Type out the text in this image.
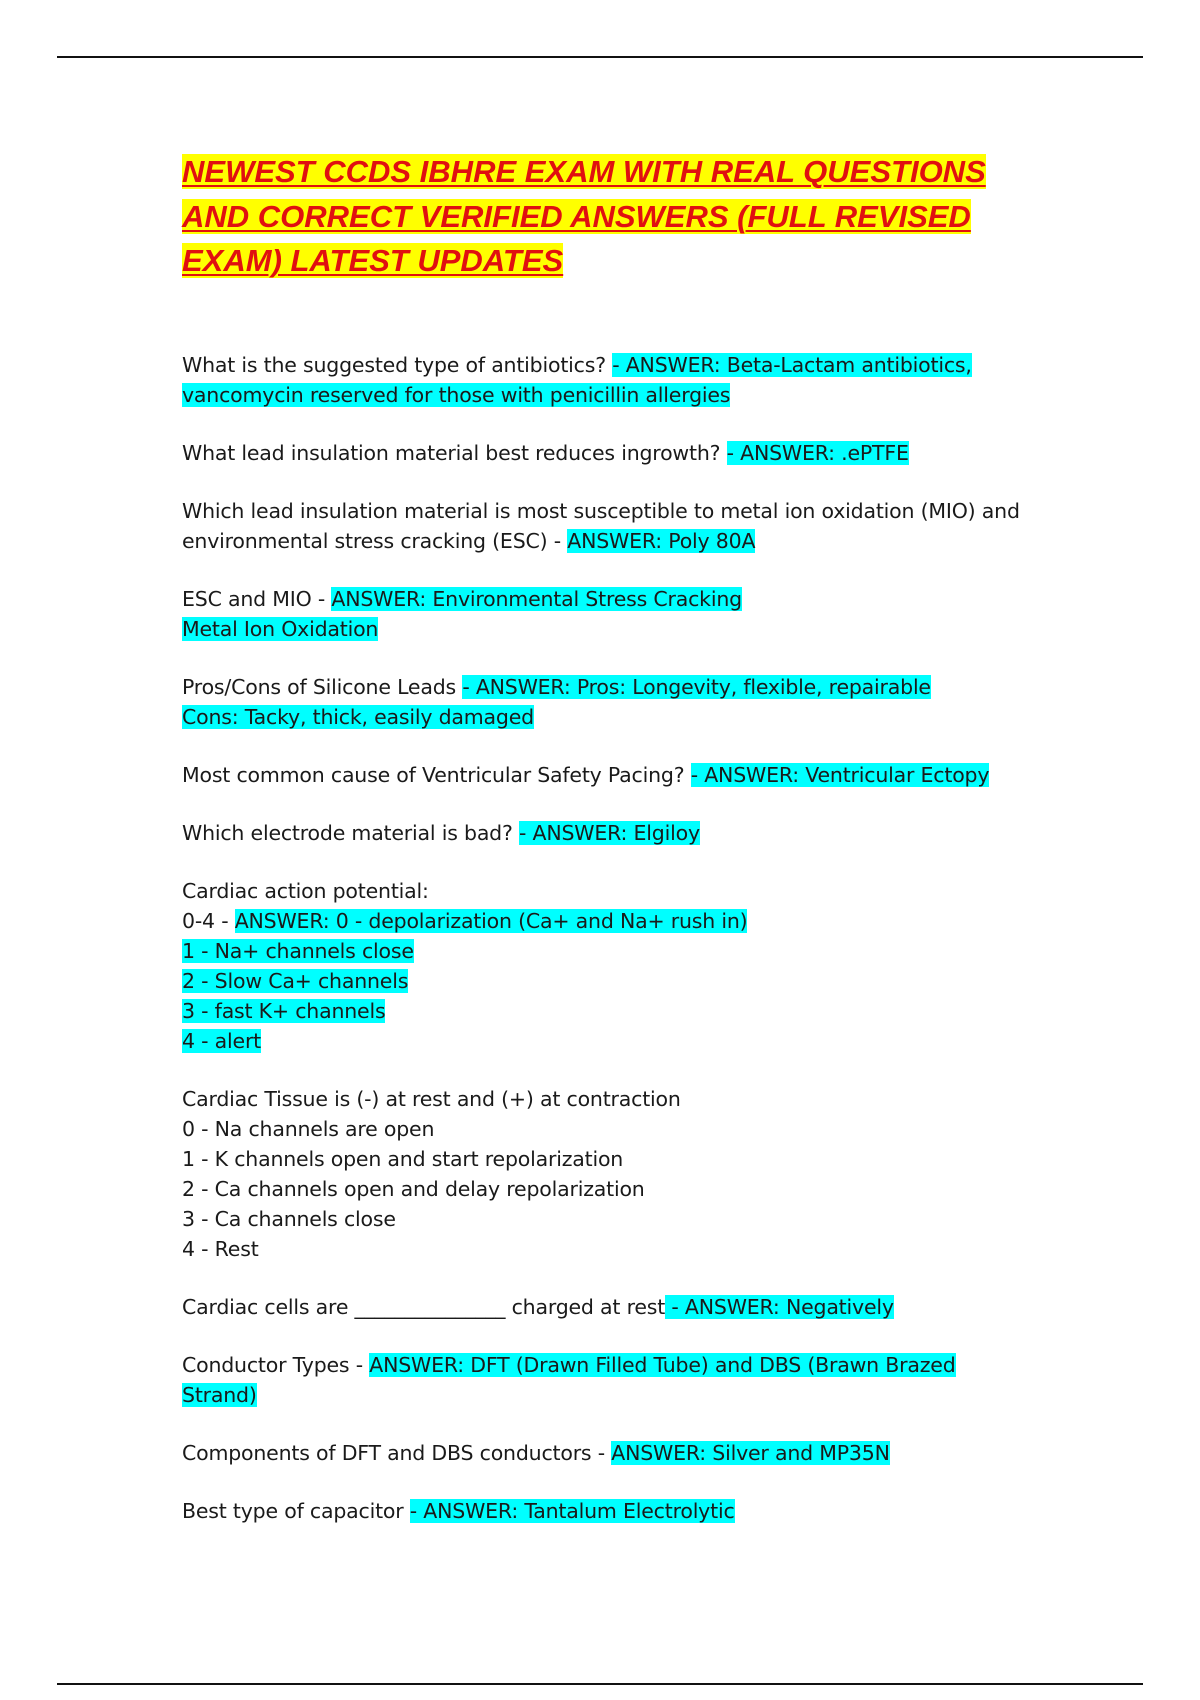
NEWEST CCDS IBHRE EXAM WITH REAL QUESTIONS
AND CORRECT VERIFIED ANSWERS (FULL REVISED
EXAM) LATEST UPDATES
What is the suggested type of antibiotics? - ANSWER: Beta-Lactam antibiotics,
vancomycin reserved for those with penicillin allergies
What lead insulation material best reduces ingrowth? - ANSWER: .ePTFE
Which lead insulation material is most susceptible to metal ion oxidation (MIO) and
environmental stress cracking (ESC) - ANSWER: Poly 80A
ESC and MIO - ANSWER: Environmental Stress Cracking
Metal Ion Oxidation
Pros/Cons of Silicone Leads - ANSWER: Pros: Longevity, flexible, repairable
Cons: Tacky, thick, easily damaged
Most common cause of Ventricular Safety Pacing? - ANSWER: Ventricular Ectopy
Which electrode material is bad? - ANSWER: Elgiloy
Cardiac action potential:
0-4 - ANSWER: 0 - depolarization (Ca+ and Na+ rush in)
1 - Na+ channels close
2 - Slow Ca+ channels
3 - fast K+ channels
4 - alert
Cardiac Tissue is (-) at rest and (+) at contraction
0 - Na channels are open
1 - K channels open and start repolarization
2 - Ca channels open and delay repolarization
3 - Ca channels close
4 - Rest
Cardiac cells are _______________ charged at rest - ANSWER: Negatively
Conductor Types - ANSWER: DFT (Drawn Filled Tube) and DBS (Brawn Brazed
Strand)
Components of DFT and DBS conductors - ANSWER: Silver and MP35N
Best type of capacitor - ANSWER: Tantalum Electrolytic
